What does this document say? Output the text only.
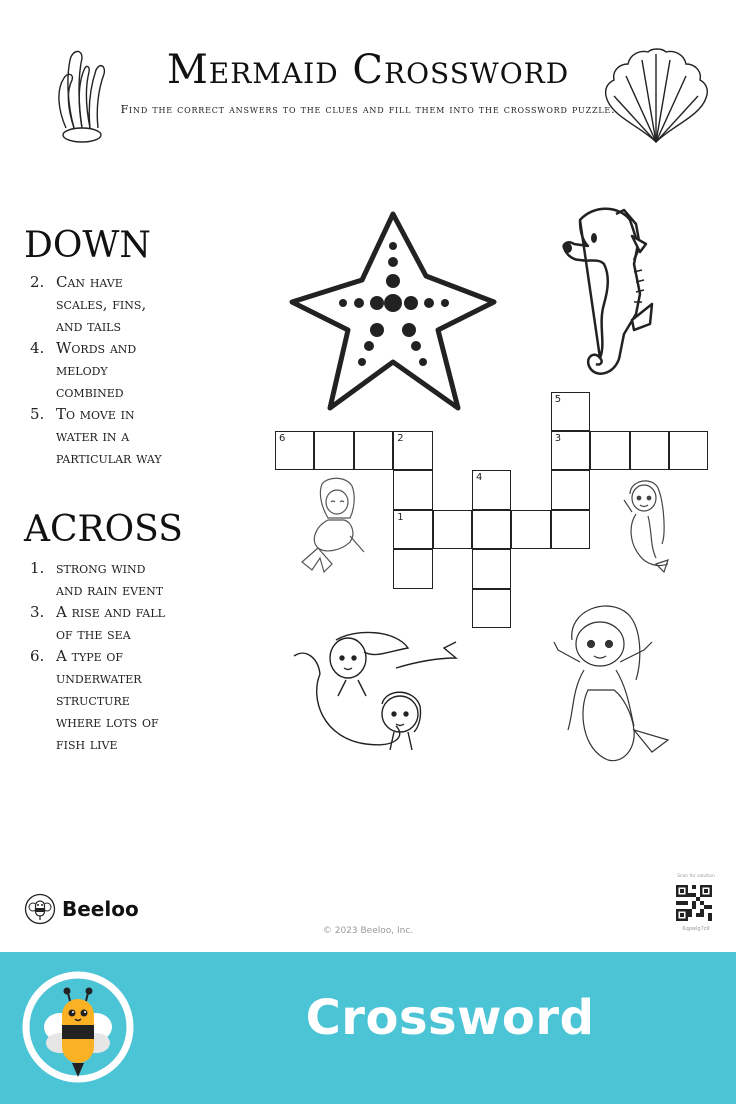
Mermaid Crossword
Find the correct answers to the clues and fill them into the crossword puzzle.
DOWN
2. Can have scales, fins, and tails
4. Words and melody combined
5. To move in water in a particular way
ACROSS
1. strong wind and rain event
3. A rise and fall of the sea
6. A type of underwater structure where lots of fish live
6	2
1
4
5
3
Beeloo
© 2023 Beeloo, Inc.
Scan for solution
6qpwlg7z9
Crossword
